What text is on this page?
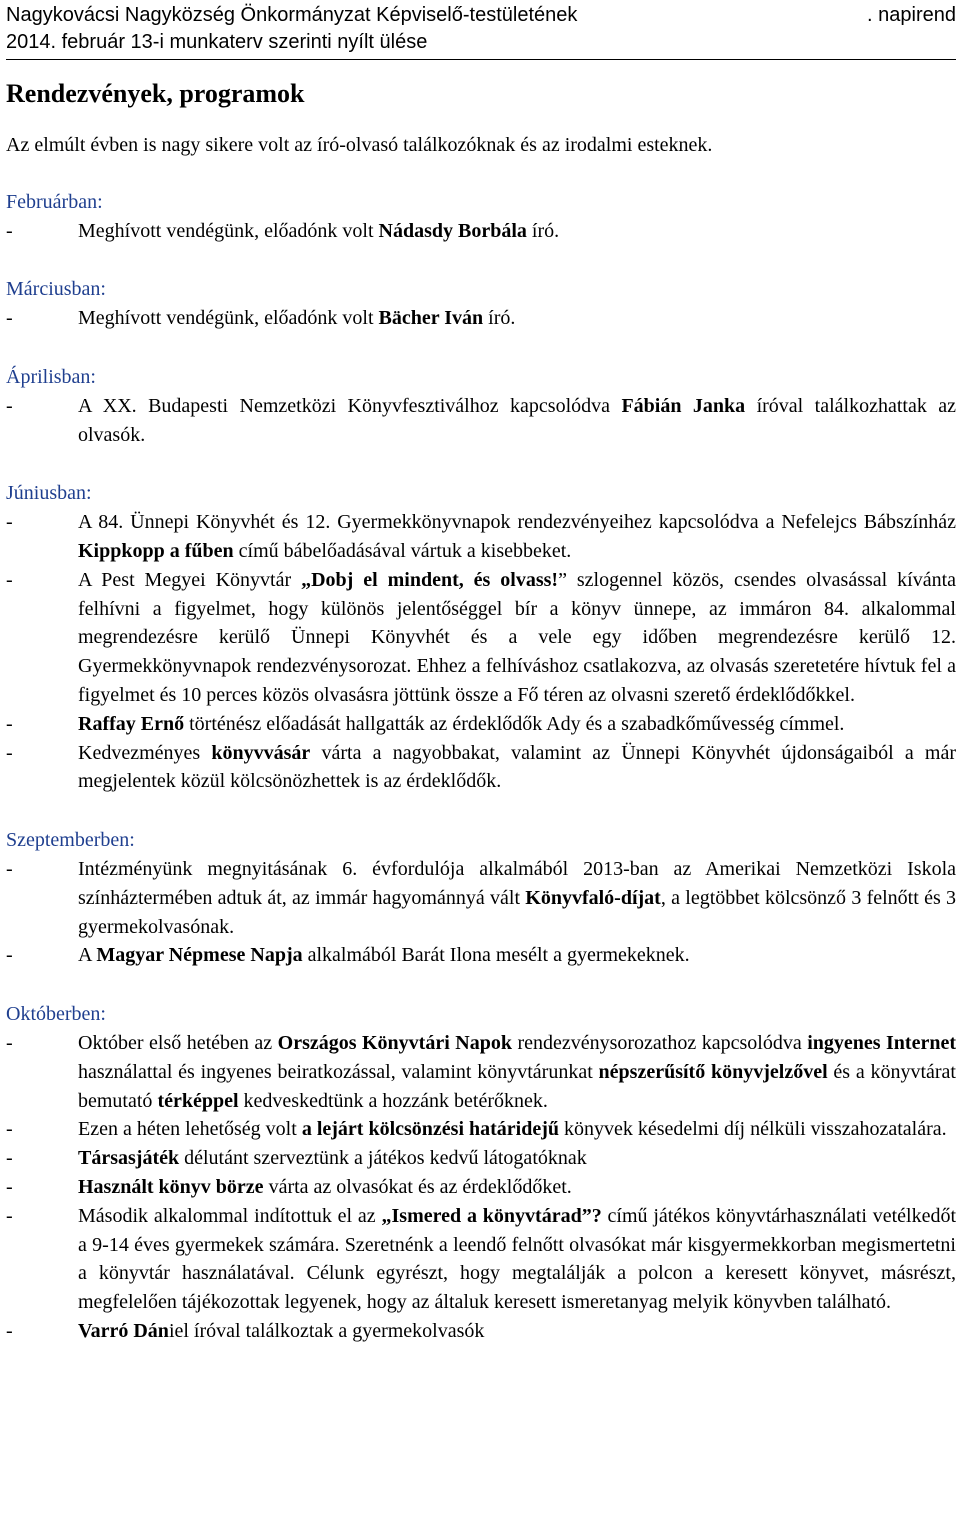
Nagykovácsi Nagyközség Önkormányzat Képviselő-testületének	. napirend
2014. február 13-i munkaterv szerinti nyílt ülése

Rendezvények, programok

Az elmúlt évben is nagy sikere volt az író-olvasó találkozóknak és az irodalmi esteknek.

Februárban:

-	Meghívott vendégünk, előadónk volt Nádasdy Borbála író.

Márciusban:

-	Meghívott vendégünk, előadónk volt Bächer Iván író.

Áprilisban:

-	A XX. Budapesti Nemzetközi Könyvfesztiválhoz kapcsolódva Fábián Janka íróval találkozhattak az olvasók.

Júniusban:

-	A 84. Ünnepi Könyvhét és 12. Gyermekkönyvnapok rendezvényeihez kapcsolódva a Nefelejcs Bábszínház Kippkopp a fűben című bábelőadásával vártuk a kisebbeket.
-	A Pest Megyei Könyvtár „Dobj el mindent, és olvass!” szlogennel közös, csendes olvasással kívánta felhívni a figyelmet, hogy különös jelentőséggel bír a könyv ünnepe, az immáron 84. alkalommal megrendezésre kerülő Ünnepi Könyvhét és a vele egy időben megrendezésre kerülő 12. Gyermekkönyvnapok rendezvénysorozat. Ehhez a felhíváshoz csatlakozva, az olvasás szeretetére hívtuk fel a figyelmet és 10 perces közös olvasásra jöttünk össze a Fő téren az olvasni szerető érdeklődőkkel.
-	Raffay Ernő történész előadását hallgatták az érdeklődők Ady és a szabadkőművesség címmel.
-	Kedvezményes könyvvásár várta a nagyobbakat, valamint az Ünnepi Könyvhét újdonságaiból a már megjelentek közül kölcsönözhettek is az érdeklődők.

Szeptemberben:

-	Intézményünk megnyitásának 6. évfordulója alkalmából 2013-ban az Amerikai Nemzetközi Iskola színháztermében adtuk át, az immár hagyománnyá vált Könyvfaló-díjat, a legtöbbet kölcsönző 3 felnőtt és 3 gyermekolvasónak.
-	A Magyar Népmese Napja alkalmából Barát Ilona mesélt a gyermekeknek.

Októberben:

-	Október első hetében az Országos Könyvtári Napok rendezvénysorozathoz kapcsolódva ingyenes Internet használattal és ingyenes beiratkozással, valamint könyvtárunkat népszerűsítő könyvjelzővel és a könyvtárat bemutató térképpel kedveskedtünk a hozzánk betérőknek.
-	Ezen a héten lehetőség volt a lejárt kölcsönzési határidejű könyvek késedelmi díj nélküli visszahozatalára.
-	Társasjáték délutánt szerveztünk a játékos kedvű látogatóknak
-	Használt könyv börze várta az olvasókat és az érdeklődőket.
-	Második alkalommal indítottuk el az „Ismered a könyvtárad”? című játékos könyvtárhasználati vetélkedőt a 9-14 éves gyermekek számára. Szeretnénk a leendő felnőtt olvasókat már kisgyermekkorban megismertetni a könyvtár használatával. Célunk egyrészt, hogy megtalálják a polcon a keresett könyvet, másrészt, megfelelően tájékozottak legyenek, hogy az általuk keresett ismeretanyag melyik könyvben található.
-	Varró Dániel íróval találkoztak a gyermekolvasók
